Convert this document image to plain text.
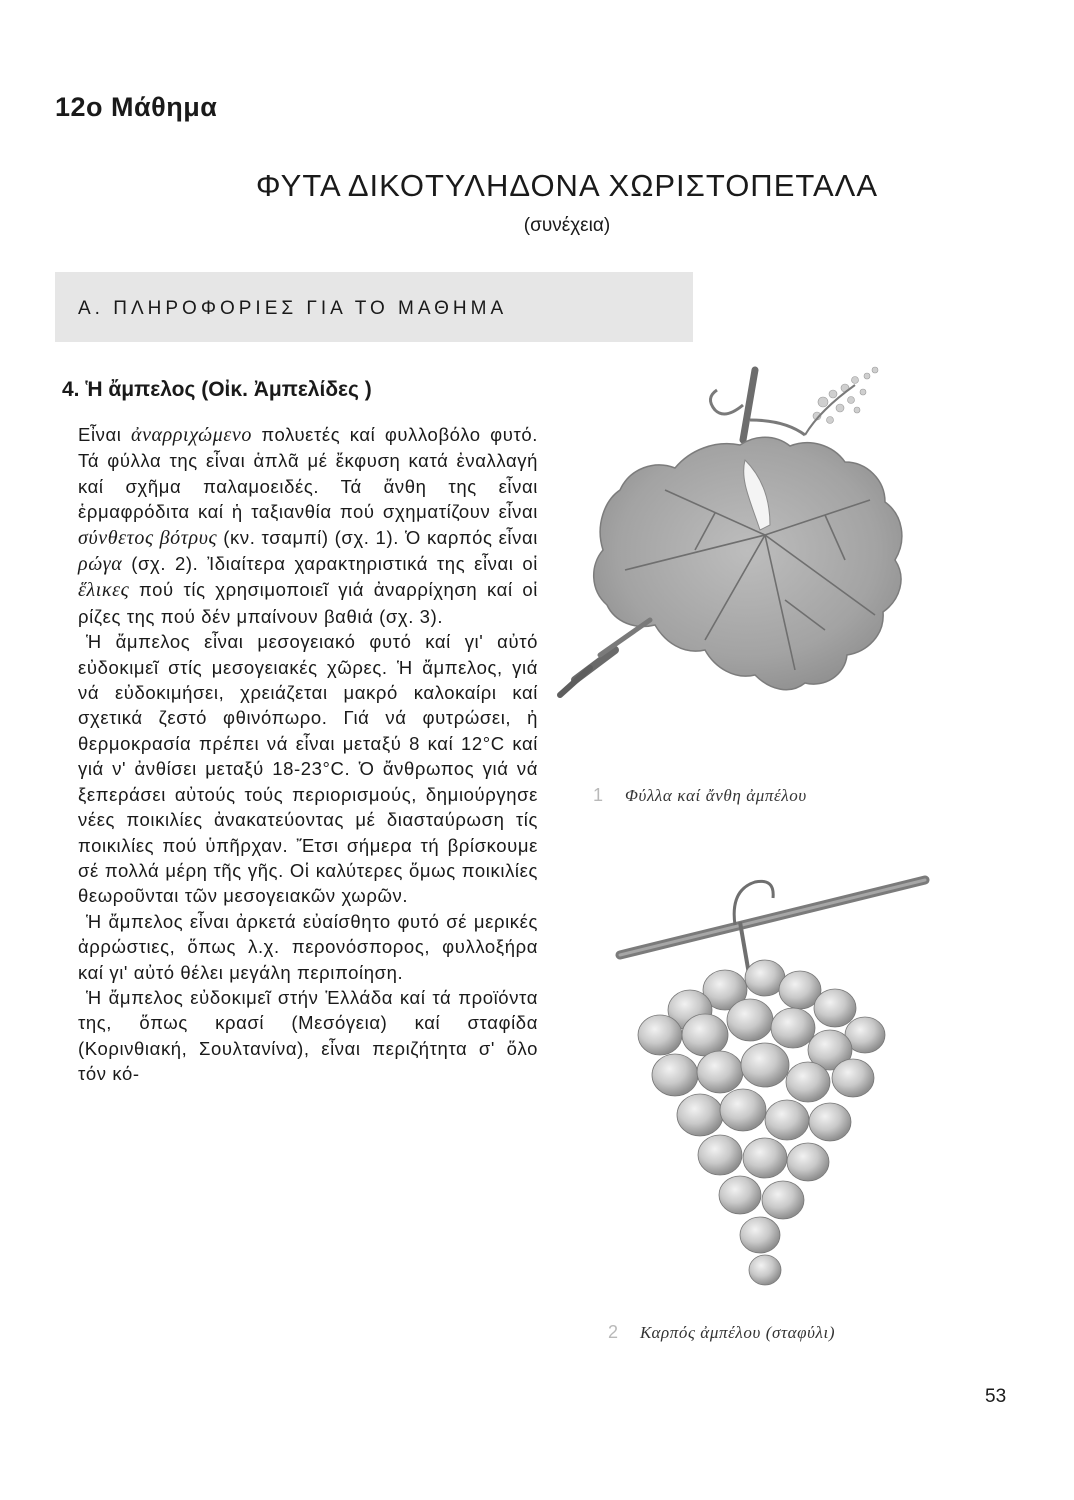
12ο Μάθημα
ΦΥΤΑ ΔΙΚΟΤΥΛΗΔΟΝΑ ΧΩΡΙΣΤΟΠΕΤΑΛΑ
(συνέχεια)
Α. ΠΛΗΡΟΦΟΡΙΕΣ ΓΙΑ ΤΟ ΜΑΘΗΜΑ
4. Ἡ ἄμπελος (Οἰκ. Ἀμπελίδες )

Εἶναι ἀναρριχώμενο πολυετές καί φυλλοβόλο φυτό. Τά φύλλα της εἶναι ἁπλᾶ μέ ἔκφυση κατά ἐναλλαγή καί σχῆμα παλαμοειδές. Τά ἄνθη της εἶναι ἑρμαφρόδιτα καί ἡ ταξιανθία πού σχηματίζουν εἶναι σύνθετος βότρυς (κν. τσαμπί) (σχ. 1). Ὁ καρπός εἶναι ρώγα (σχ. 2). Ἰδιαίτερα χαρακτηριστικά της εἶναι οἱ ἕλικες πού τίς χρησιμοποιεῖ γιά ἀναρρίχηση καί οἱ ρίζες της πού δέν μπαίνουν βαθιά (σχ. 3).

Ἡ ἄμπελος εἶναι μεσογειακό φυτό καί γι' αὐτό εὐδοκιμεῖ στίς μεσογειακές χῶρες. Ἡ ἄμπελος, γιά νά εὐδοκιμήσει, χρειάζεται μακρό καλοκαίρι καί σχετικά ζεστό φθινόπωρο. Γιά νά φυτρώσει, ἡ θερμοκρασία πρέπει νά εἶναι μεταξύ 8 καί 12°C καί γιά ν' ἀνθίσει μεταξύ 18-23°C. Ὁ ἄνθρωπος γιά νά ξεπεράσει αὐτούς τούς περιορισμούς, δημιούργησε νέες ποικιλίες ἀνακατεύοντας μέ διασταύρωση τίς ποικιλίες πού ὑπῆρχαν. Ἔτσι σήμερα τή βρίσκουμε σέ πολλά μέρη τῆς γῆς. Οἱ καλύτερες ὅμως ποικιλίες θεωροῦνται τῶν μεσογειακῶν χωρῶν.

Ἡ ἄμπελος εἶναι ἀρκετά εὐαίσθητο φυτό σέ μερικές ἀρρώστιες, ὅπως λ.χ. περονόσπορος, φυλλοξήρα καί γι' αὐτό θέλει μεγάλη περιποίηση.

Ἡ ἄμπελος εὐδοκιμεῖ στήν Ἑλλάδα καί τά προϊόντα της, ὅπως κρασί (Μεσόγεια) καί σταφίδα (Κορινθιακή, Σουλτανίνα), εἶναι περιζήτητα σ' ὅλο τόν κό-

1 Φύλλα καί ἄνθη ἀμπέλου
2 Καρπός ἀμπέλου (σταφύλι)
53
